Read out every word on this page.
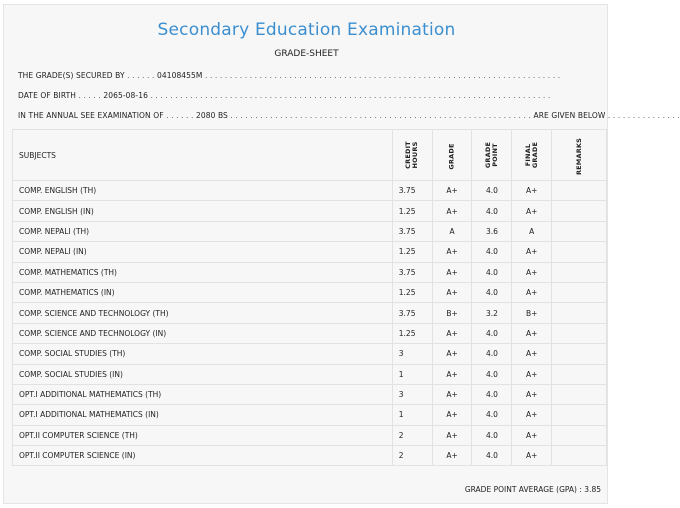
Secondary Education Examination
GRADE-SHEET
THE GRADE(S) SECURED BY . . . . . . 04108455M . . . . . . . . . . . . . . . . . . . . . . . . . . . . . . . . . . . . . . . . . . . . . . . . . . . . . . . . . . . . . . . . . . . . . . . .
DATE OF BIRTH . . . . . 2065-08-16 . . . . . . . . . . . . . . . . . . . . . . . . . . . . . . . . . . . . . . . . . . . . . . . . . . . . . . . . . . . . . . . . . . . . . . . . . . . . . . . . .
IN THE ANNUAL SEE EXAMINATION OF . . . . . . 2080 BS . . . . . . . . . . . . . . . . . . . . . . . . . . . . . . . . . . . . . . . . . . . . . . . . . . . . . . . . . . . . . ARE GIVEN BELOW . . . . . . . . . . . . . . .
SUBJECTS	CREDIT HOURS	GRADE	GRADE POINT	FINAL GRADE	REMARKS
COMP. ENGLISH (TH)	3.75	A+	4.0	A+	
COMP. ENGLISH (IN)	1.25	A+	4.0	A+	
COMP. NEPALI (TH)	3.75	A	3.6	A	
COMP. NEPALI (IN)	1.25	A+	4.0	A+	
COMP. MATHEMATICS (TH)	3.75	A+	4.0	A+	
COMP. MATHEMATICS (IN)	1.25	A+	4.0	A+	
COMP. SCIENCE AND TECHNOLOGY (TH)	3.75	B+	3.2	B+	
COMP. SCIENCE AND TECHNOLOGY (IN)	1.25	A+	4.0	A+	
COMP. SOCIAL STUDIES (TH)	3	A+	4.0	A+	
COMP. SOCIAL STUDIES (IN)	1	A+	4.0	A+	
OPT.I ADDITIONAL MATHEMATICS (TH)	3	A+	4.0	A+	
OPT.I ADDITIONAL MATHEMATICS (IN)	1	A+	4.0	A+	
OPT.II COMPUTER SCIENCE (TH)	2	A+	4.0	A+	
OPT.II COMPUTER SCIENCE (IN)	2	A+	4.0	A+	
GRADE POINT AVERAGE (GPA) : 3.85
